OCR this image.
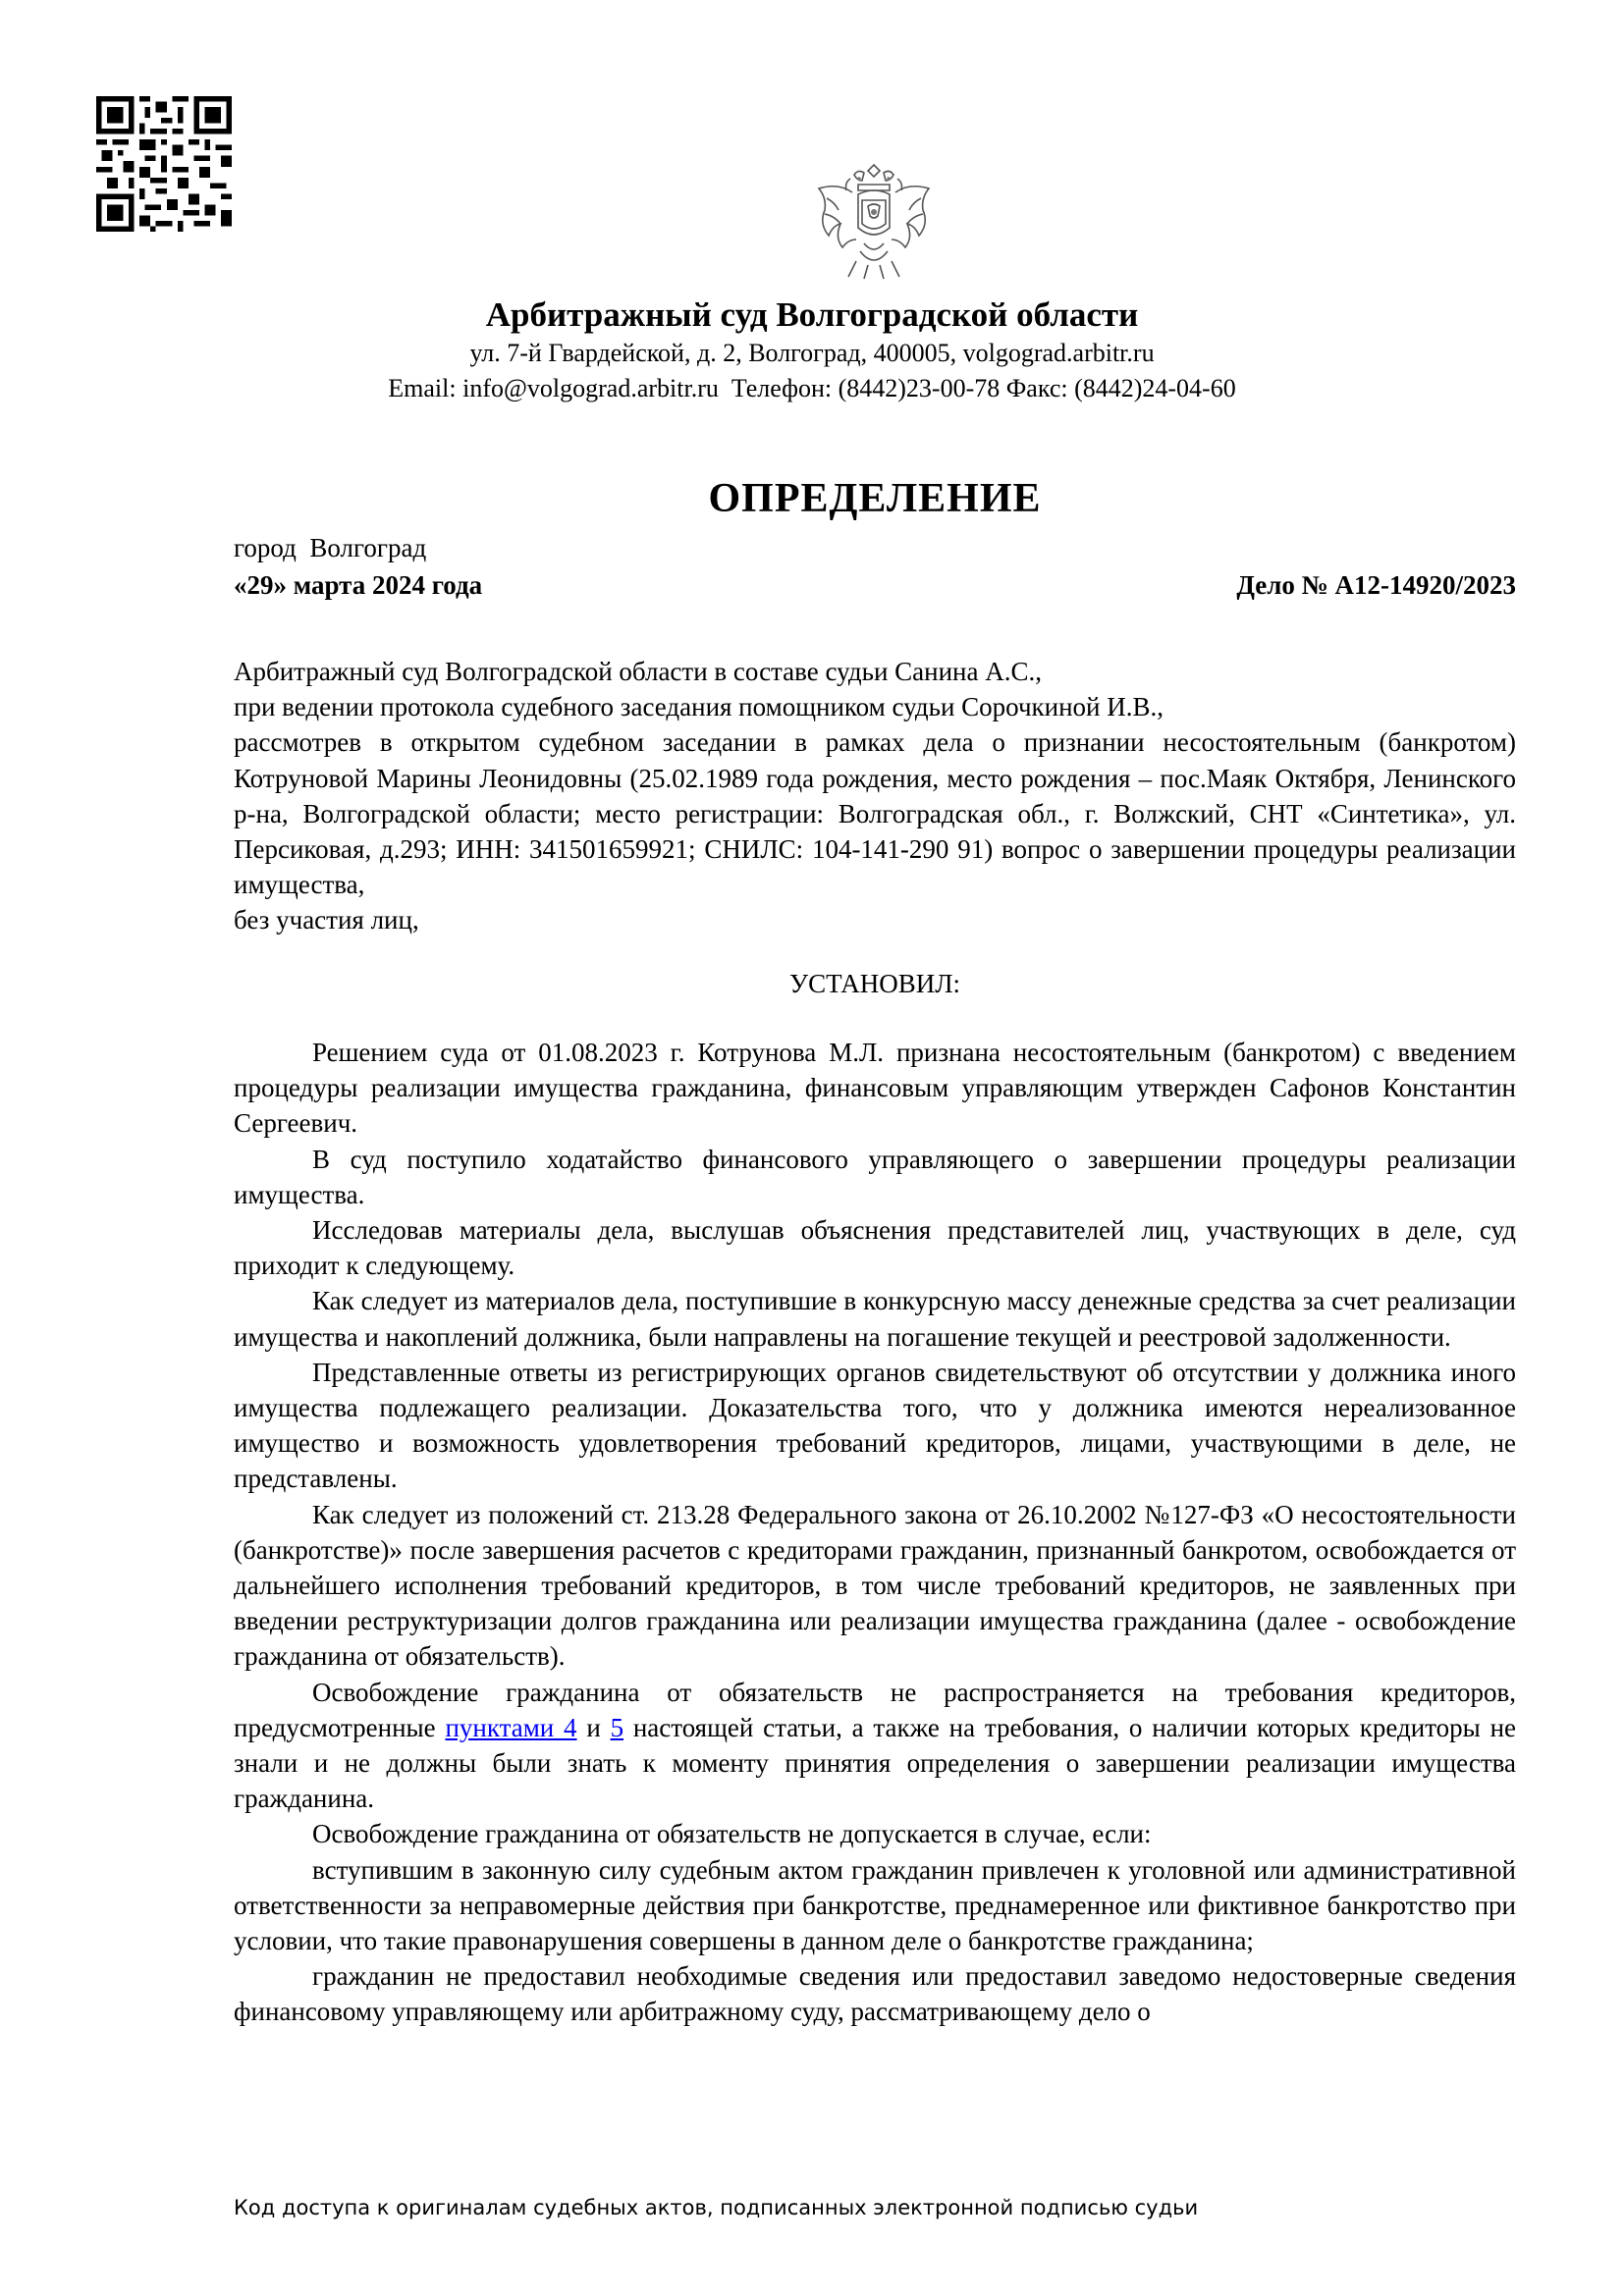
Арбитражный суд Волгоградской области
ул. 7-й Гвардейской, д. 2, Волгоград, 400005, volgograd.arbitr.ru
Email: info@volgograd.arbitr.ru  Телефон: (8442)23-00-78 Факс: (8442)24-04-60
ОПРЕДЕЛЕНИЕ
город  Волгоград
«29» марта 2024 года	Дело № А12-14920/2023
Арбитражный суд Волгоградской области в составе судьи Санина А.С.,
при ведении протокола судебного заседания помощником судьи Сорочкиной И.В.,
рассмотрев в открытом судебном заседании в рамках дела о признании несостоятельным (банкротом) Котруновой Марины Леонидовны (25.02.1989 года рождения, место рождения – пос.Маяк Октября, Ленинского р-на, Волгоградской области; место регистрации: Волгоградская обл., г. Волжский, СНТ «Синтетика», ул. Персиковая, д.293; ИНН: 341501659921; СНИЛС: 104-141-290 91) вопрос о завершении процедуры реализации имущества,
без участия лиц,
УСТАНОВИЛ:

Решением суда от 01.08.2023 г. Котрунова М.Л. признана несостоятельным (банкротом) с введением процедуры реализации имущества гражданина, финансовым управляющим утвержден Сафонов Константин Сергеевич.

В суд поступило ходатайство финансового управляющего о завершении процедуры реализации имущества.

Исследовав материалы дела, выслушав объяснения представителей лиц, участвующих в деле, суд приходит к следующему.

Как следует из материалов дела, поступившие в конкурсную массу денежные средства за счет реализации имущества и накоплений должника, были направлены на погашение текущей и реестровой задолженности.

Представленные ответы из регистрирующих органов свидетельствуют об отсутствии у должника иного имущества подлежащего реализации. Доказательства того, что у должника имеются нереализованное имущество и возможность удовлетворения требований кредиторов, лицами, участвующими в деле, не представлены.

Как следует из положений ст. 213.28 Федерального закона от 26.10.2002 №127-ФЗ «О несостоятельности (банкротстве)» после завершения расчетов с кредиторами гражданин, признанный банкротом, освобождается от дальнейшего исполнения требований кредиторов, в том числе требований кредиторов, не заявленных при введении реструктуризации долгов гражданина или реализации имущества гражданина (далее - освобождение гражданина от обязательств).

Освобождение гражданина от обязательств не распространяется на требования кредиторов, предусмотренные пунктами 4 и 5 настоящей статьи, а также на требования, о наличии которых кредиторы не знали и не должны были знать к моменту принятия определения о завершении реализации имущества гражданина.

Освобождение гражданина от обязательств не допускается в случае, если:

вступившим в законную силу судебным актом гражданин привлечен к уголовной или административной ответственности за неправомерные действия при банкротстве, преднамеренное или фиктивное банкротство при условии, что такие правонарушения совершены в данном деле о банкротстве гражданина;

гражданин не предоставил необходимые сведения или предоставил заведомо недостоверные сведения финансовому управляющему или арбитражному суду, рассматривающему дело о

Код доступа к оригиналам судебных актов, подписанных электронной подписью судьи
